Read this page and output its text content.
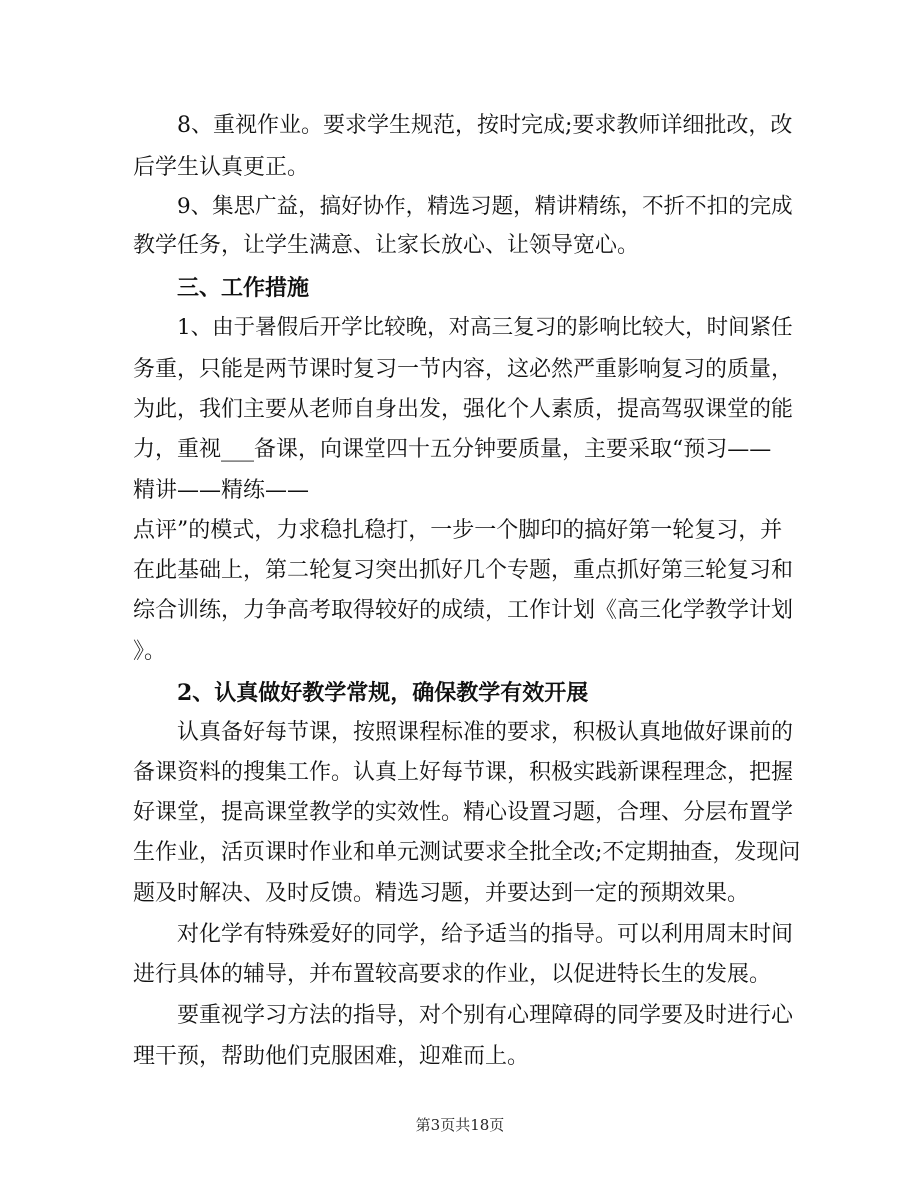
8、重视作业。要求学生规范，按时完成;要求教师详细批改，改
后学生认真更正。
9、集思广益，搞好协作，精选习题，精讲精练，不折不扣的完成
教学任务，让学生满意、让家长放心、让领导宽心。
三、工作措施
1、由于暑假后开学比较晚，对高三复习的影响比较大，时间紧任
务重，只能是两节课时复习一节内容，这必然严重影响复习的质量，
为此，我们主要从老师自身出发，强化个人素质，提高驾驭课堂的能
力，重视___备课，向课堂四十五分钟要质量，主要采取“预习——
精讲——精练——
点评”的模式，力求稳扎稳打，一步一个脚印的搞好第一轮复习，并
在此基础上，第二轮复习突出抓好几个专题，重点抓好第三轮复习和
综合训练，力争高考取得较好的成绩，工作计划《高三化学教学计划
》。
2、认真做好教学常规，确保教学有效开展
认真备好每节课，按照课程标准的要求，积极认真地做好课前的
备课资料的搜集工作。认真上好每节课，积极实践新课程理念，把握
好课堂，提高课堂教学的实效性。精心设置习题，合理、分层布置学
生作业，活页课时作业和单元测试要求全批全改;不定期抽查，发现问
题及时解决、及时反馈。精选习题，并要达到一定的预期效果。
对化学有特殊爱好的同学，给予适当的指导。可以利用周末时间
进行具体的辅导，并布置较高要求的作业，以促进特长生的发展。
要重视学习方法的指导，对个别有心理障碍的同学要及时进行心
理干预，帮助他们克服困难，迎难而上。
第3页共18页
